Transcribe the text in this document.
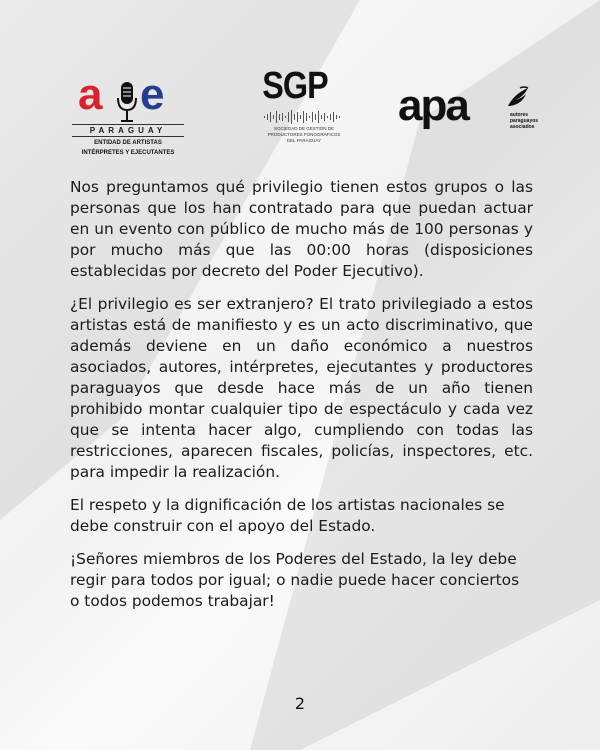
a e
PARAGUAY
ENTIDAD DE ARTISTAS
INTÉRPRETES Y EJECUTANTES
SGP
SOCIEDAD DE GESTIÓN DE
PRODUCTORES FONOGRÁFICOS
DEL PARAGUAY
apa	autores
paraguayos
asociados

Nos preguntamos qué privilegio tienen estos grupos o las personas que los han contratado para que puedan actuar en un evento con público de mucho más de 100 personas y por mucho más que las 00:00 horas (disposiciones establecidas por decreto del Poder Ejecutivo).

¿El privilegio es ser extranjero? El trato privilegiado a estos artistas está de manifiesto y es un acto discriminativo, que además deviene en un daño económico a nuestros asociados, autores, intérpretes, ejecutantes y productores paraguayos que desde hace más de un año tienen prohibido montar cualquier tipo de espectáculo y cada vez que se intenta hacer algo, cumpliendo con todas las restricciones, aparecen fiscales, policías, inspectores, etc. para impedir la realización.

El respeto y la dignificación de los artistas nacionales se debe construir con el apoyo del Estado.

¡Señores miembros de los Poderes del Estado, la ley debe regir para todos por igual; o nadie puede hacer conciertos o todos podemos trabajar!

2
